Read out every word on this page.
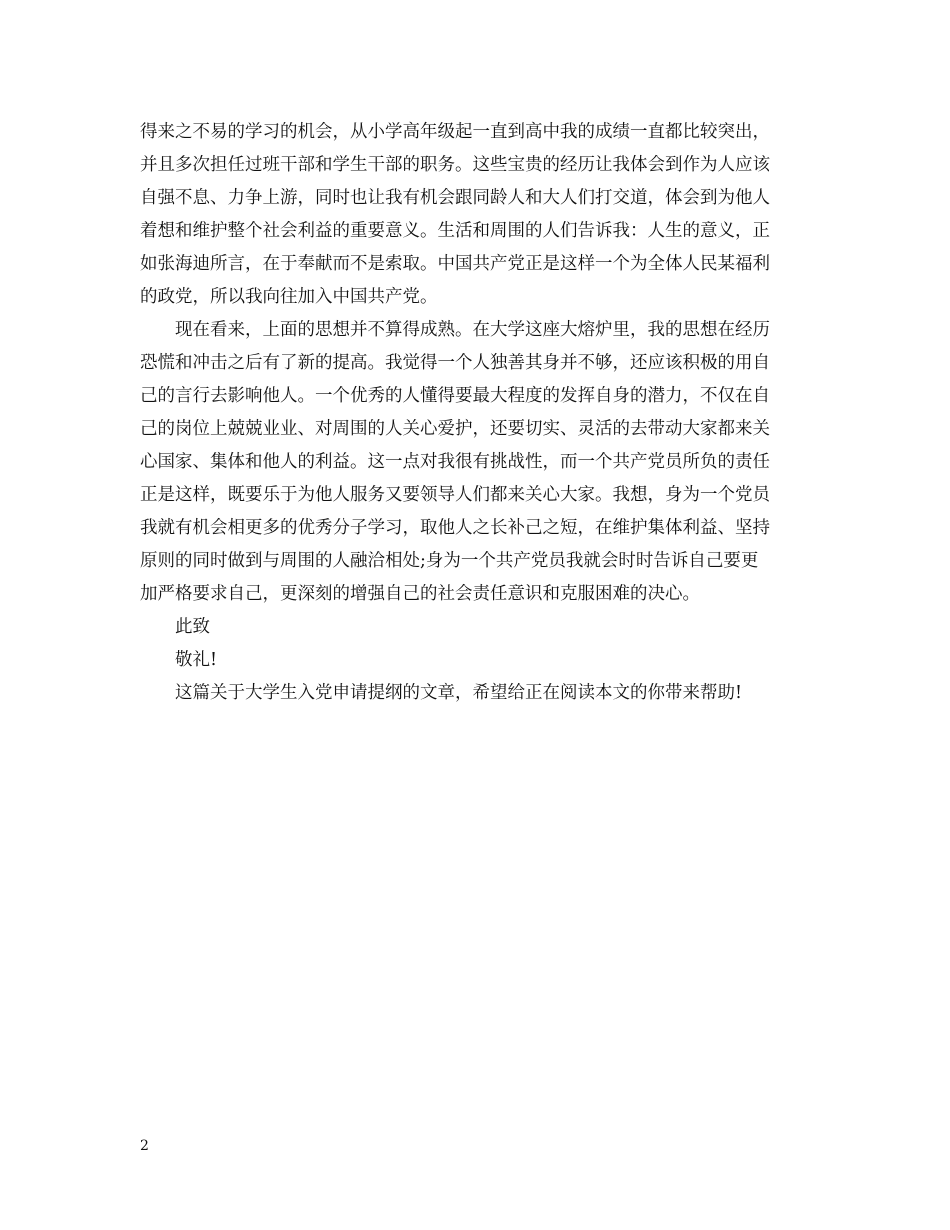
得来之不易的学习的机会，从小学高年级起一直到高中我的成绩一直都比较突出，
并且多次担任过班干部和学生干部的职务。这些宝贵的经历让我体会到作为人应该
自强不息、力争上游，同时也让我有机会跟同龄人和大人们打交道，体会到为他人
着想和维护整个社会利益的重要意义。生活和周围的人们告诉我：人生的意义，正
如张海迪所言，在于奉献而不是索取。中国共产党正是这样一个为全体人民某福利
的政党，所以我向往加入中国共产党。
　　现在看来，上面的思想并不算得成熟。在大学这座大熔炉里，我的思想在经历
恐慌和冲击之后有了新的提高。我觉得一个人独善其身并不够，还应该积极的用自
己的言行去影响他人。一个优秀的人懂得要最大程度的发挥自身的潜力，不仅在自
己的岗位上兢兢业业、对周围的人关心爱护，还要切实、灵活的去带动大家都来关
心国家、集体和他人的利益。这一点对我很有挑战性，而一个共产党员所负的责任
正是这样，既要乐于为他人服务又要领导人们都来关心大家。我想，身为一个党员
我就有机会相更多的优秀分子学习，取他人之长补己之短，在维护集体利益、坚持
原则的同时做到与周围的人融洽相处;身为一个共产党员我就会时时告诉自己要更
加严格要求自己，更深刻的增强自己的社会责任意识和克服困难的决心。
　　此致
　　敬礼!
　　这篇关于大学生入党申请提纲的文章，希望给正在阅读本文的你带来帮助!
2
